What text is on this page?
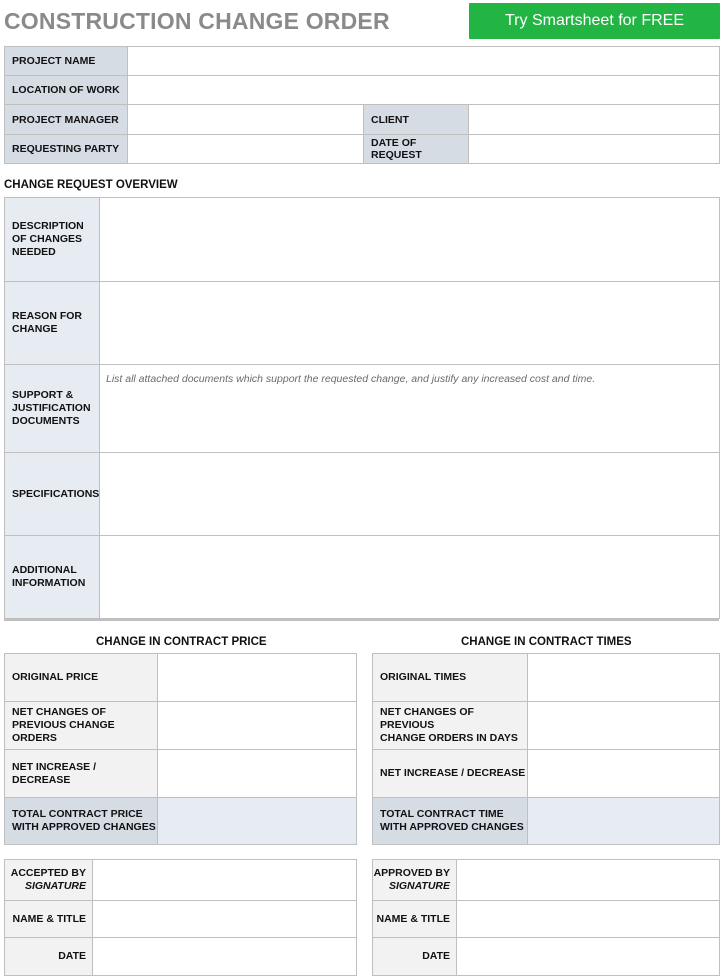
CONSTRUCTION CHANGE ORDER	Try Smartsheet for FREE
PROJECT NAME			
LOCATION OF WORK			
PROJECT MANAGER		CLIENT	
REQUESTING PARTY		DATE OF REQUEST	
CHANGE REQUEST OVERVIEW
DESCRIPTION
OF CHANGES
NEEDED	

REASON FOR
CHANGE	

SUPPORT &
JUSTIFICATION
DOCUMENTS	List all attached documents which support the requested change, and justify any increased cost and time.
SPECIFICATIONS	

ADDITIONAL
INFORMATION	

CHANGE IN CONTRACT PRICE	CHANGE IN CONTRACT TIMES
ORIGINAL PRICE	

NET CHANGES OF
PREVIOUS CHANGE ORDERS	

NET INCREASE / DECREASE	

TOTAL CONTRACT PRICE
WITH APPROVED CHANGES	

ORIGINAL TIMES	

NET CHANGES OF PREVIOUS
CHANGE ORDERS IN DAYS	

NET INCREASE / DECREASE	

TOTAL CONTRACT TIME
WITH APPROVED CHANGES	

ACCEPTED BY
SIGNATURE	

NAME & TITLE	
DATE	
APPROVED BY
SIGNATURE	

NAME & TITLE	
DATE	
